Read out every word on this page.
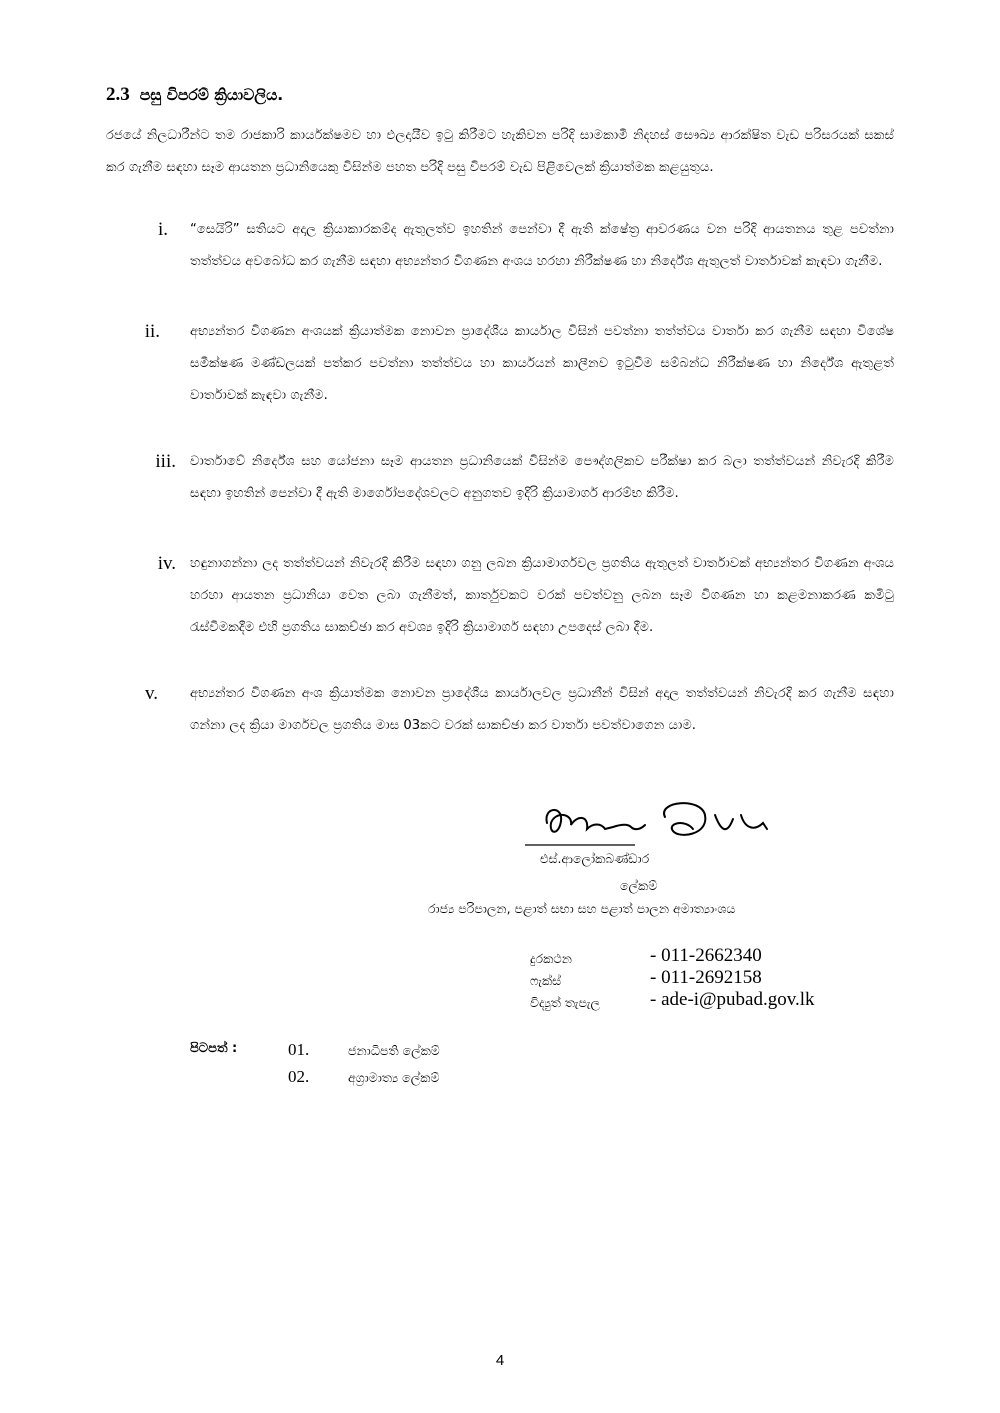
2.3 පසු විපරම් ක්‍රියාවලිය.
රජයේ නිලධාරීන්ට තම රාජකාරි කාර්යක්ෂමව හා ඵලදායීව ඉටු කිරීමට හැකිවන පරිදි සාමකාමී නිදහස් සෞඛ්‍ය ආරක්ෂිත වැඩ පරිසරයක් සකස් කර ගැනීම සඳහා සෑම ආයතන ප්‍රධානියෙකු විසින්ම පහත පරිදි පසු විපරම් වැඩ පිළිවෙලක් ක්‍රියාත්මක කළයුතුය.
i. “සෙයිරි” සතියට අදාල ක්‍රියාකාරකම්ද ඇතුලත්ව ඉහතින් පෙන්වා දී ඇති ක්ෂේත්‍ර ආවරණය වන පරිදි ආයතනය තුළ පවත්නා තත්ත්වය අවබෝධ කර ගැනීම සඳහා අභ්‍යන්තර විගණන අංශය හරහා නිරීක්ෂණ හා නිර්දේශ ඇතුලත් වාර්තාවක් කැඳවා ගැනීම.
ii. අභ්‍යන්තර විගණන අංශයක් ක්‍රියාත්මක නොවන ප්‍රාදේශීය කාර්යාල විසින් පවත්නා තත්ත්වය වාර්තා කර ගැනීම සඳහා විශේෂ සමීක්ෂණ මණ්ඩලයක් පත්කර පවත්නා තත්ත්වය හා කාර්යයන් කාලීනව ඉටුවීම සම්බන්ධ නිරීක්ෂණ හා නිර්දේශ ඇතුළත් වාර්තාවක් කැඳවා ගැනීම.
iii. වාර්තාවේ නිර්දේශ සහ යෝජනා සෑම ආයතන ප්‍රධානියෙක් විසින්ම පෞද්ගලිකව පරීක්ෂා කර බලා තත්ත්වයන් නිවැරදි කිරීම සඳහා ඉහතින් පෙන්වා දී ඇති මාර්ගෝපදේශවලට අනුගතව ඉදිරි ක්‍රියාමාර්ග ආරම්භ කිරීම.
iv. හඳුනාගන්නා ලද තත්ත්වයන් නිවැරදි කිරීම සඳහා ගනු ලබන ක්‍රියාමාර්ගවල ප්‍රගතිය ඇතුලත් වාර්තාවක් අභ්‍යන්තර විගණන අංශය හරහා ආයතන ප්‍රධානියා වෙත ලබා ගැනීමත්, කාර්තුවකට වරක් පවත්වනු ලබන සෑම විගණන හා කළමනාකරණ කමිටු රැස්වීමකදීම එහි ප්‍රගතිය සාකච්ඡා කර අවශ්‍ය ඉදිරි ක්‍රියාමාර්ග සඳහා උපදෙස් ලබා දීම.
v. අභ්‍යන්තර විගණන අංශ ක්‍රියාත්මක නොවන ප්‍රාදේශීය කාර්යාලවල ප්‍රධානීන් විසින් අදාල තත්ත්වයන් නිවැරදි කර ගැනීම සඳහා ගන්නා ලද ක්‍රියා මාර්ගවල ප්‍රගතිය මාස 03කට වරක් සාකච්ඡා කර වාර්තා පවත්වාගෙන යාම.
එස්.ආලෝකබණ්ඩාර
ලේකම්
රාජ්‍ය පරිපාලන, පළාත් සභා සහ පළාත් පාලන අමාත්‍යාංශය
දුරකථන	- 011-2662340
ෆැක්ස්	- 011-2692158
විද්‍යුත් තැපැල	- ade-i@pubad.gov.lk
පිටපත් :	01.	ජනාධිපති ලේකම්
02.	අග්‍රාමාත්‍ය ලේකම්
4
